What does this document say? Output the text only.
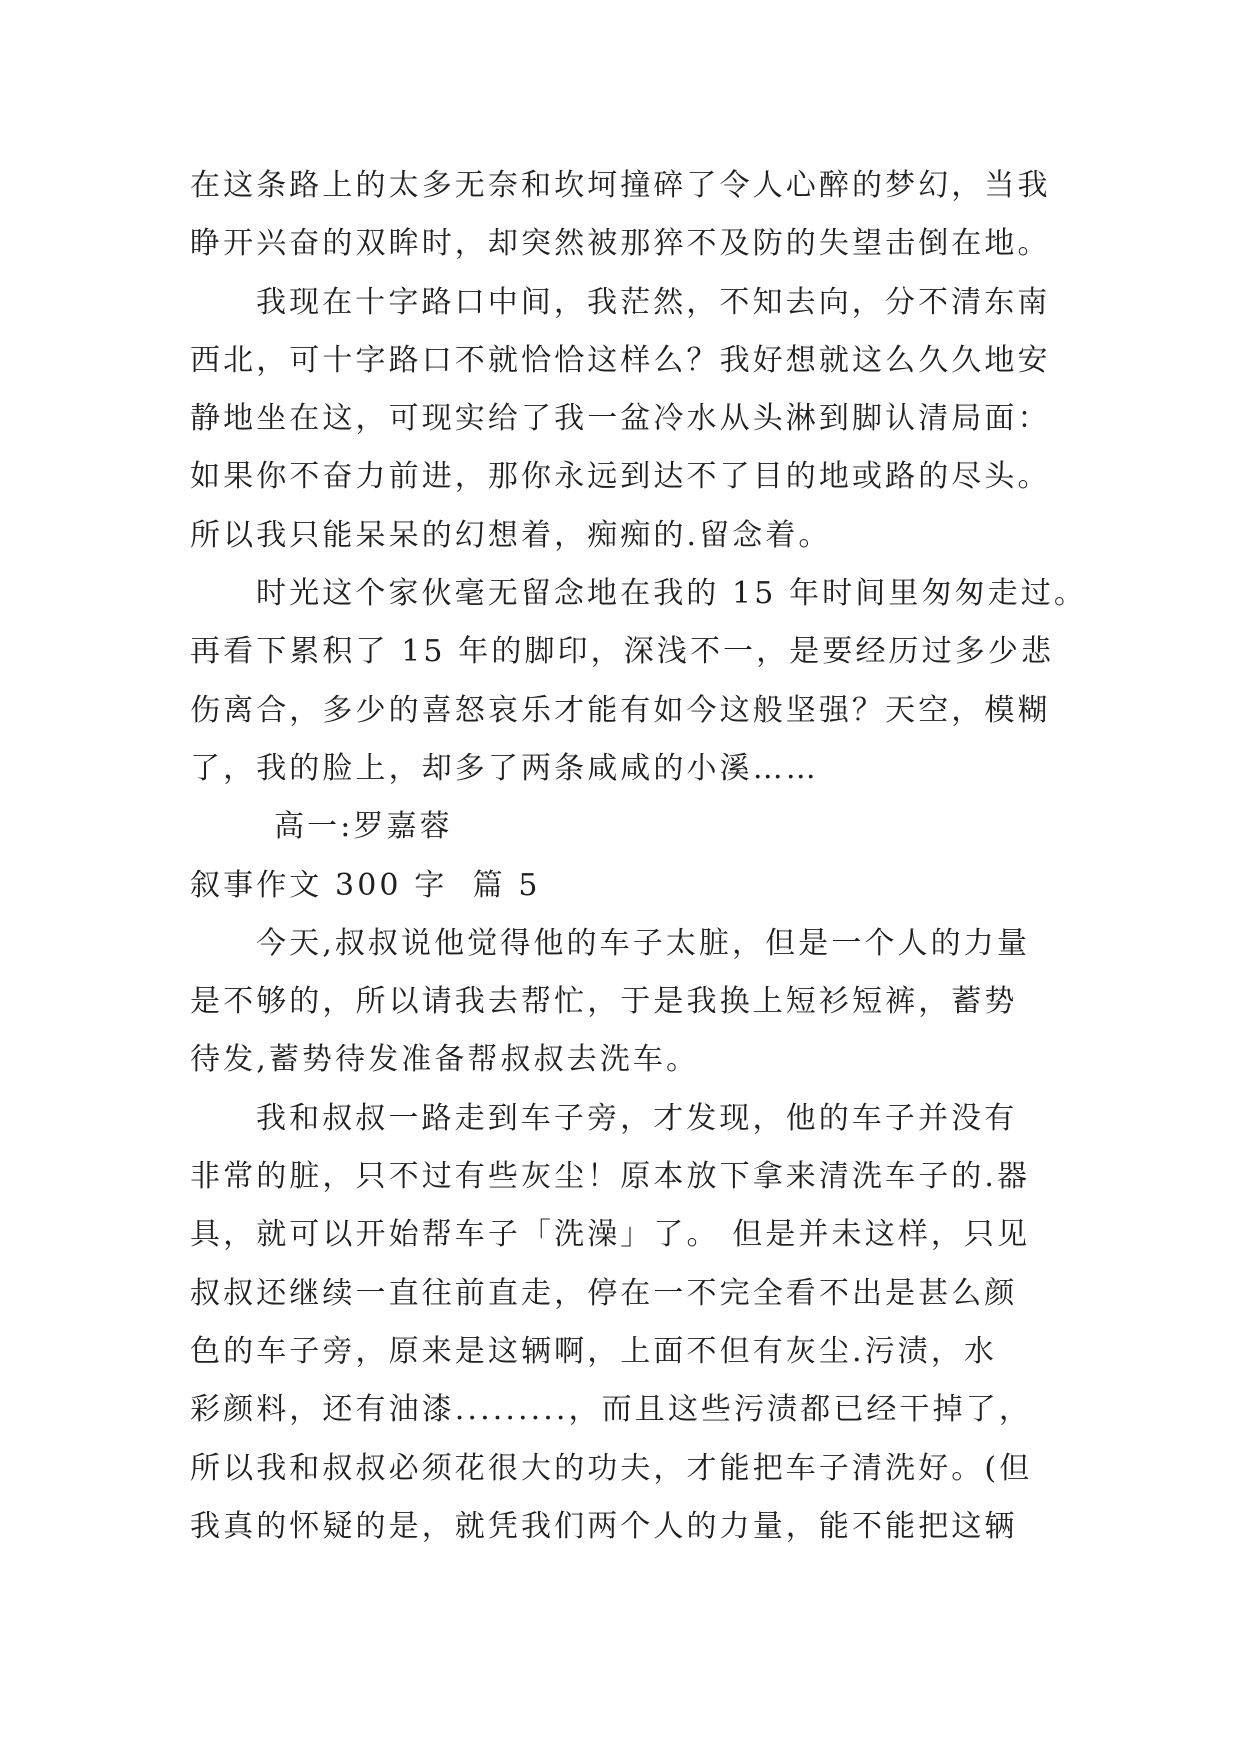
在这条路上的太多无奈和坎坷撞碎了令人心醉的梦幻，当我
睁开兴奋的双眸时，却突然被那猝不及防的失望击倒在地。
我现在十字路口中间，我茫然，不知去向，分不清东南
西北，可十字路口不就恰恰这样么？我好想就这么久久地安
静地坐在这，可现实给了我一盆冷水从头淋到脚认清局面：
如果你不奋力前进，那你永远到达不了目的地或路的尽头。
所以我只能呆呆的幻想着，痴痴的.留念着。
时光这个家伙毫无留念地在我的 15 年时间里匆匆走过。
再看下累积了 15 年的脚印，深浅不一，是要经历过多少悲
伤离合，多少的喜怒哀乐才能有如今这般坚强？天空，模糊
了，我的脸上，却多了两条咸咸的小溪……
高一:罗嘉蓉
叙事作文 300 字  篇 5
今天,叔叔说他觉得他的车子太脏，但是一个人的力量
是不够的，所以请我去帮忙，于是我换上短衫短裤，蓄势
待发,蓄势待发准备帮叔叔去洗车。
我和叔叔一路走到车子旁，才发现，他的车子并没有
非常的脏，只不过有些灰尘！原本放下拿来清洗车子的.器
具，就可以开始帮车子「洗澡」了。 但是并未这样，只见
叔叔还继续一直往前直走，停在一不完全看不出是甚么颜
色的车子旁，原来是这辆啊，上面不但有灰尘.污渍，水
彩颜料，还有油漆.........，而且这些污渍都已经干掉了，
所以我和叔叔必须花很大的功夫，才能把车子清洗好。(但
我真的怀疑的是，就凭我们两个人的力量，能不能把这辆
